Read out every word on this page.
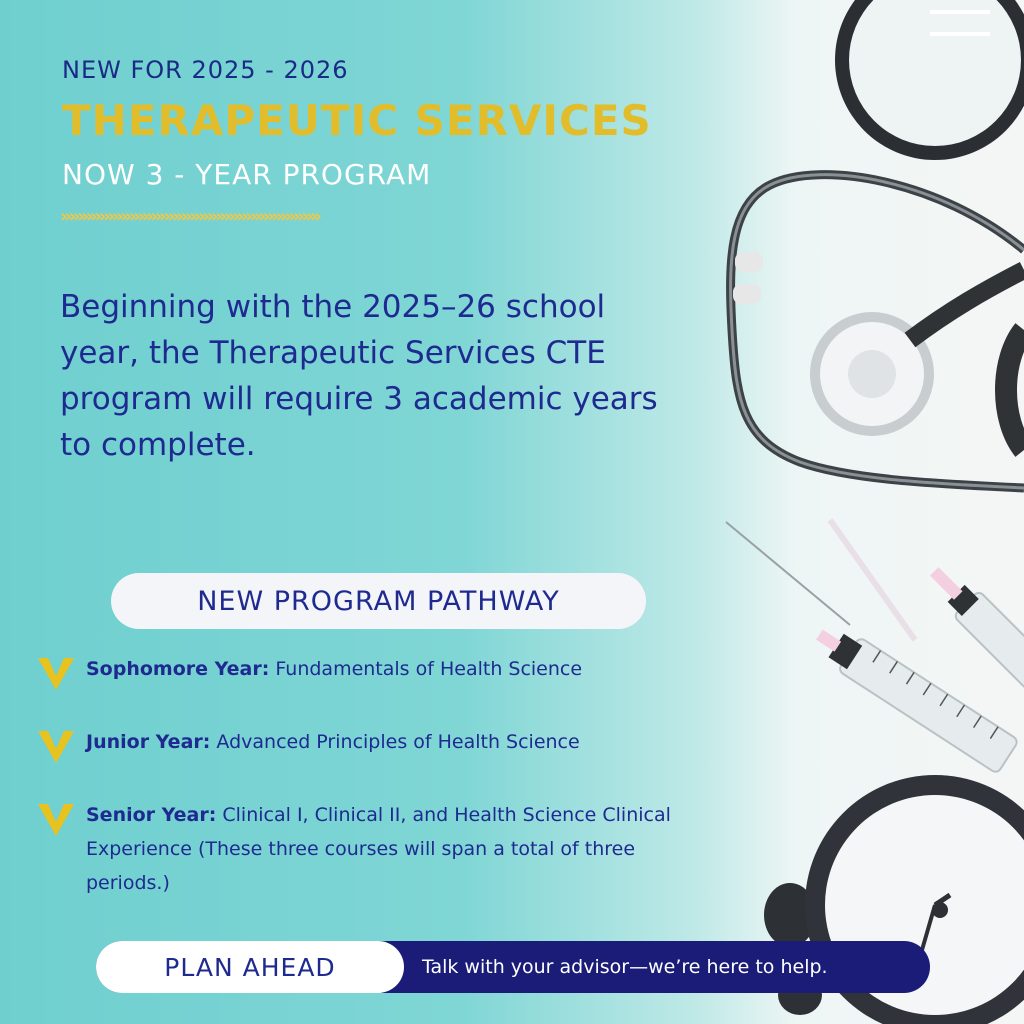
NEW FOR 2025 - 2026
THERAPEUTIC SERVICES
NOW 3 - YEAR PROGRAM
»»»»»»»»»»»»»»»»»»»»»»»»»»»»»»
Beginning with the 2025–26 school year, the Therapeutic Services CTE program will require 3 academic years to complete.
NEW PROGRAM PATHWAY
Sophomore Year: Fundamentals of Health Science
Junior Year: Advanced Principles of Health Science
Senior Year: Clinical I, Clinical II, and Health Science Clinical Experience (These three courses will span a total of three periods.)
PLAN AHEAD	Talk with your advisor—we’re here to help.
